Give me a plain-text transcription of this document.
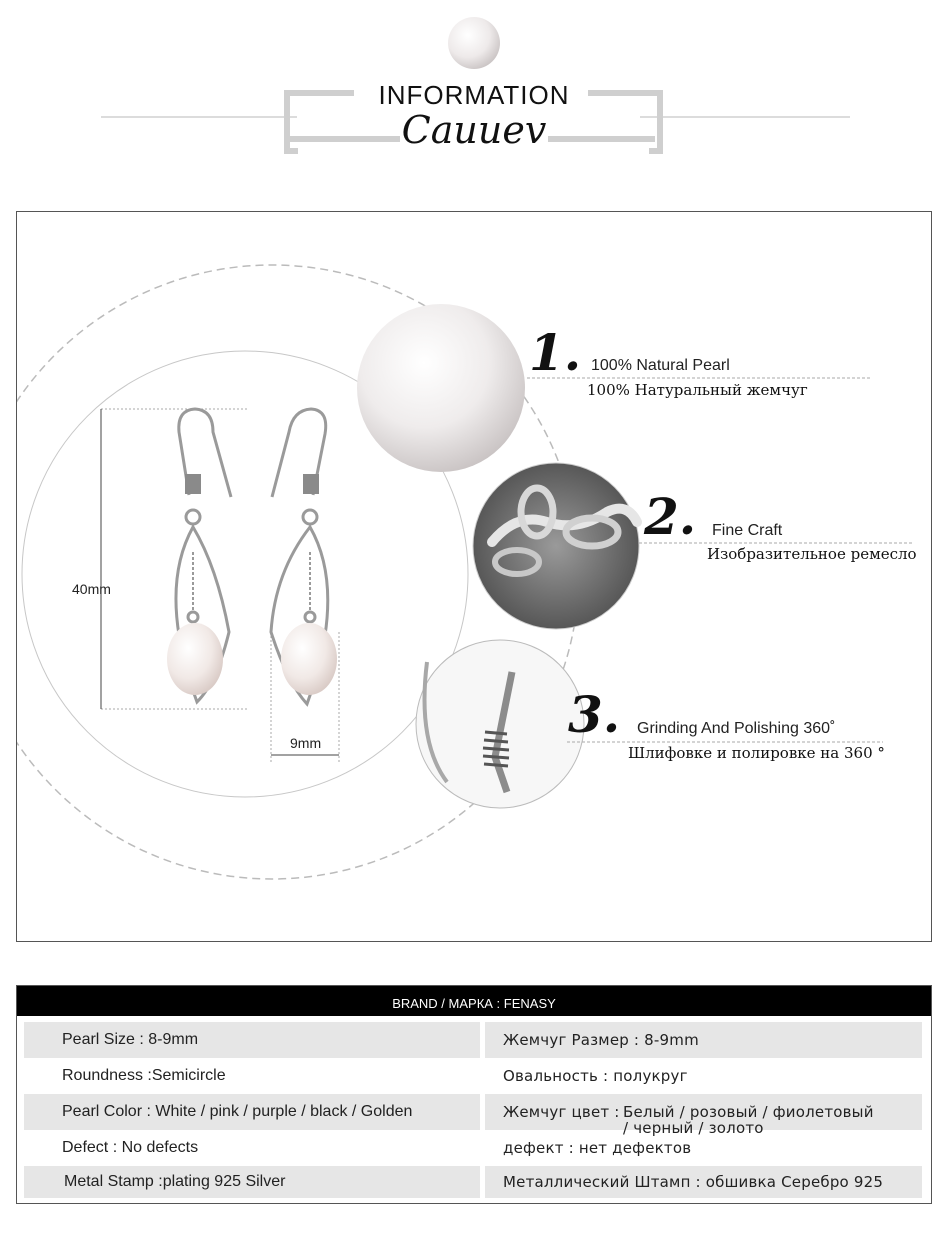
INFORMATION
Cauuev
40mm
9mm
1. 100% Natural Pearl
100% Натуральный жемчуг
2. Fine Craft
Изобразительное ремесло
3. Grinding And Polishing 360˚
Шлифовке и полировке на 360 °
BRAND / МАРКА : FENASY
Pearl Size : 8-9mm	Жемчуг Размер : 8-9mm
Roundness :Semicircle	Овальность : полукруг
Pearl Color : White / pink / purple / black / Golden	Жемчуг цвет : Белый / розовый / фиолетовый
/ черный / золото
Defect : No defects	дефект : нет дефектов
Metal Stamp :plating 925 Silver	Металлический Штамп : обшивка Серебро 925
